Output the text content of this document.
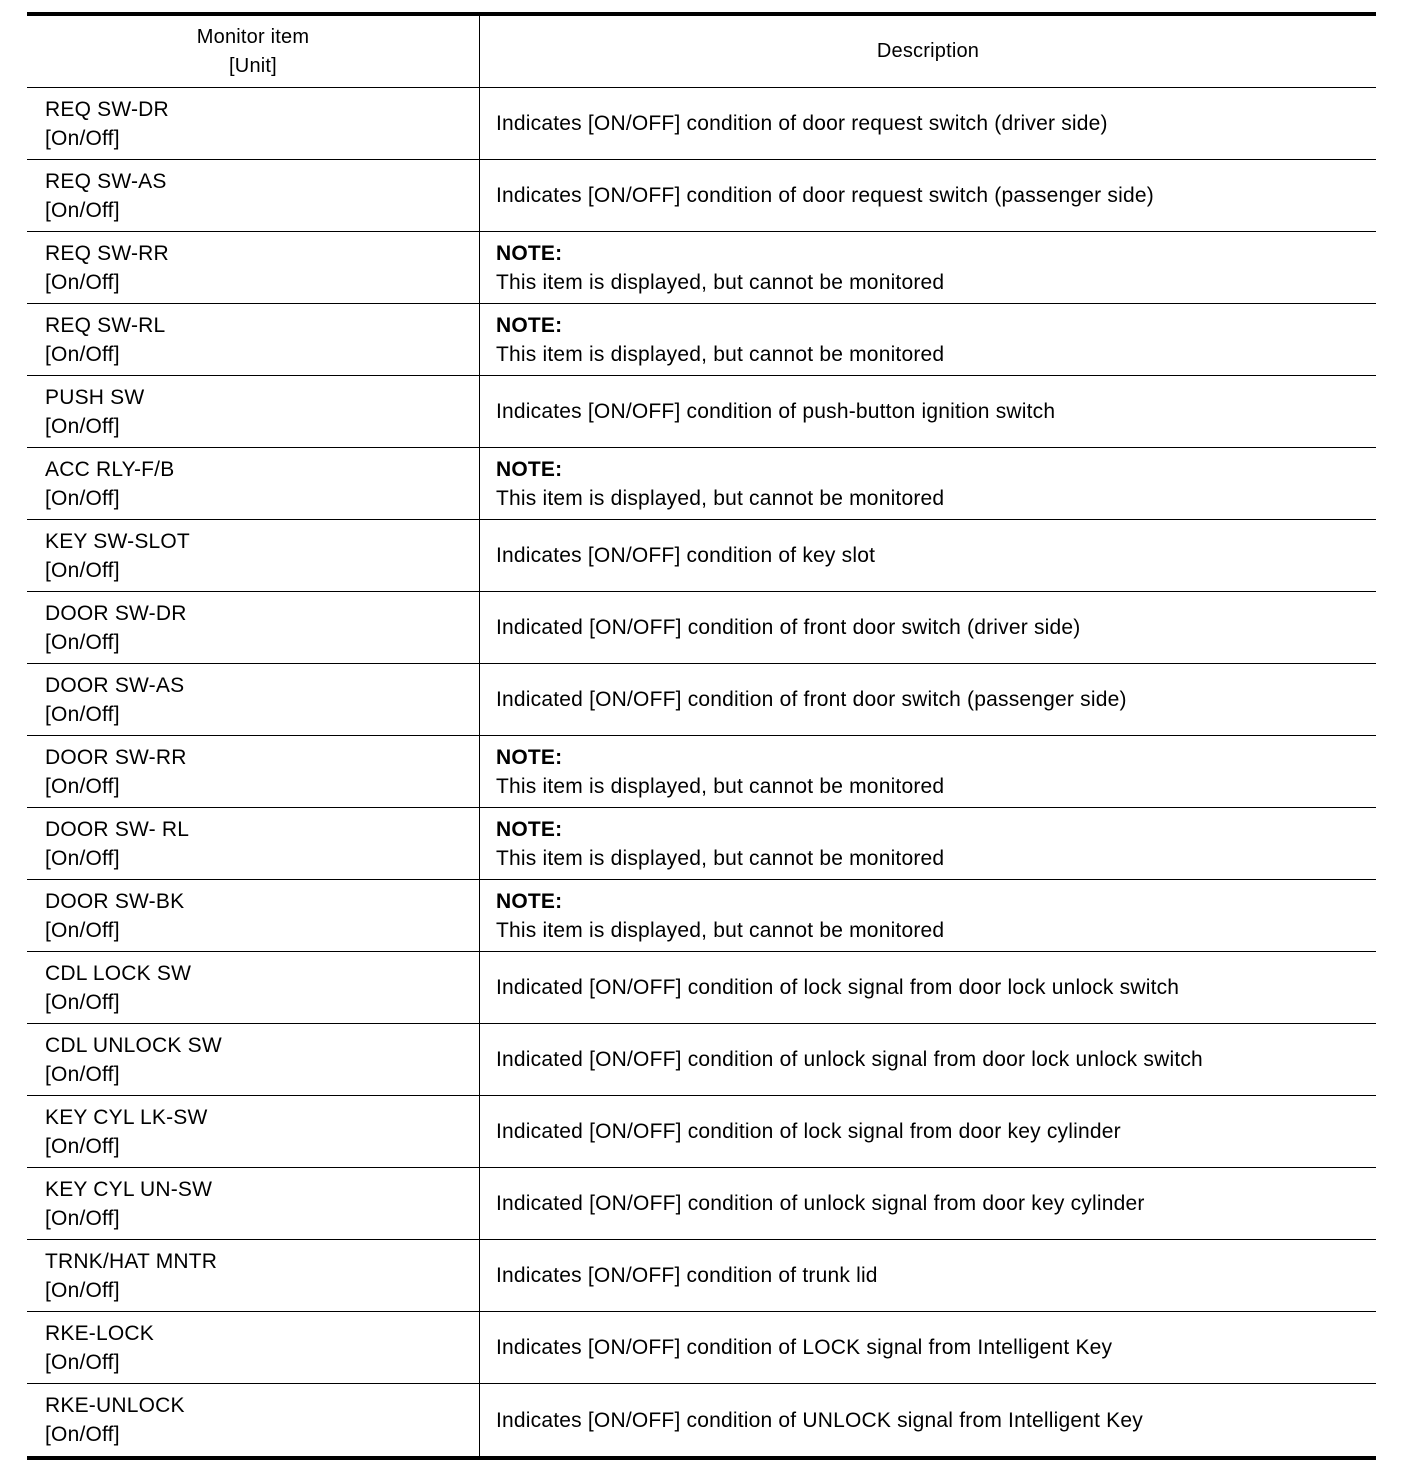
Monitor item
[Unit]
Description
REQ SW-DR
[On/Off]
Indicates [ON/OFF] condition of door request switch (driver side)
REQ SW-AS
[On/Off]
Indicates [ON/OFF] condition of door request switch (passenger side)
REQ SW-RR
[On/Off]
NOTE:
This item is displayed, but cannot be monitored
REQ SW-RL
[On/Off]
NOTE:
This item is displayed, but cannot be monitored
PUSH SW
[On/Off]
Indicates [ON/OFF] condition of push-button ignition switch
ACC RLY-F/B
[On/Off]
NOTE:
This item is displayed, but cannot be monitored
KEY SW-SLOT
[On/Off]
Indicates [ON/OFF] condition of key slot
DOOR SW-DR
[On/Off]
Indicated [ON/OFF] condition of front door switch (driver side)
DOOR SW-AS
[On/Off]
Indicated [ON/OFF] condition of front door switch (passenger side)
DOOR SW-RR
[On/Off]
NOTE:
This item is displayed, but cannot be monitored
DOOR SW- RL
[On/Off]
NOTE:
This item is displayed, but cannot be monitored
DOOR SW-BK
[On/Off]
NOTE:
This item is displayed, but cannot be monitored
CDL LOCK SW
[On/Off]
Indicated [ON/OFF] condition of lock signal from door lock unlock switch
CDL UNLOCK SW
[On/Off]
Indicated [ON/OFF] condition of unlock signal from door lock unlock switch
KEY CYL LK-SW
[On/Off]
Indicated [ON/OFF] condition of lock signal from door key cylinder
KEY CYL UN-SW
[On/Off]
Indicated [ON/OFF] condition of unlock signal from door key cylinder
TRNK/HAT MNTR
[On/Off]
Indicates [ON/OFF] condition of trunk lid
RKE-LOCK
[On/Off]
Indicates [ON/OFF] condition of LOCK signal from Intelligent Key
RKE-UNLOCK
[On/Off]
Indicates [ON/OFF] condition of UNLOCK signal from Intelligent Key
